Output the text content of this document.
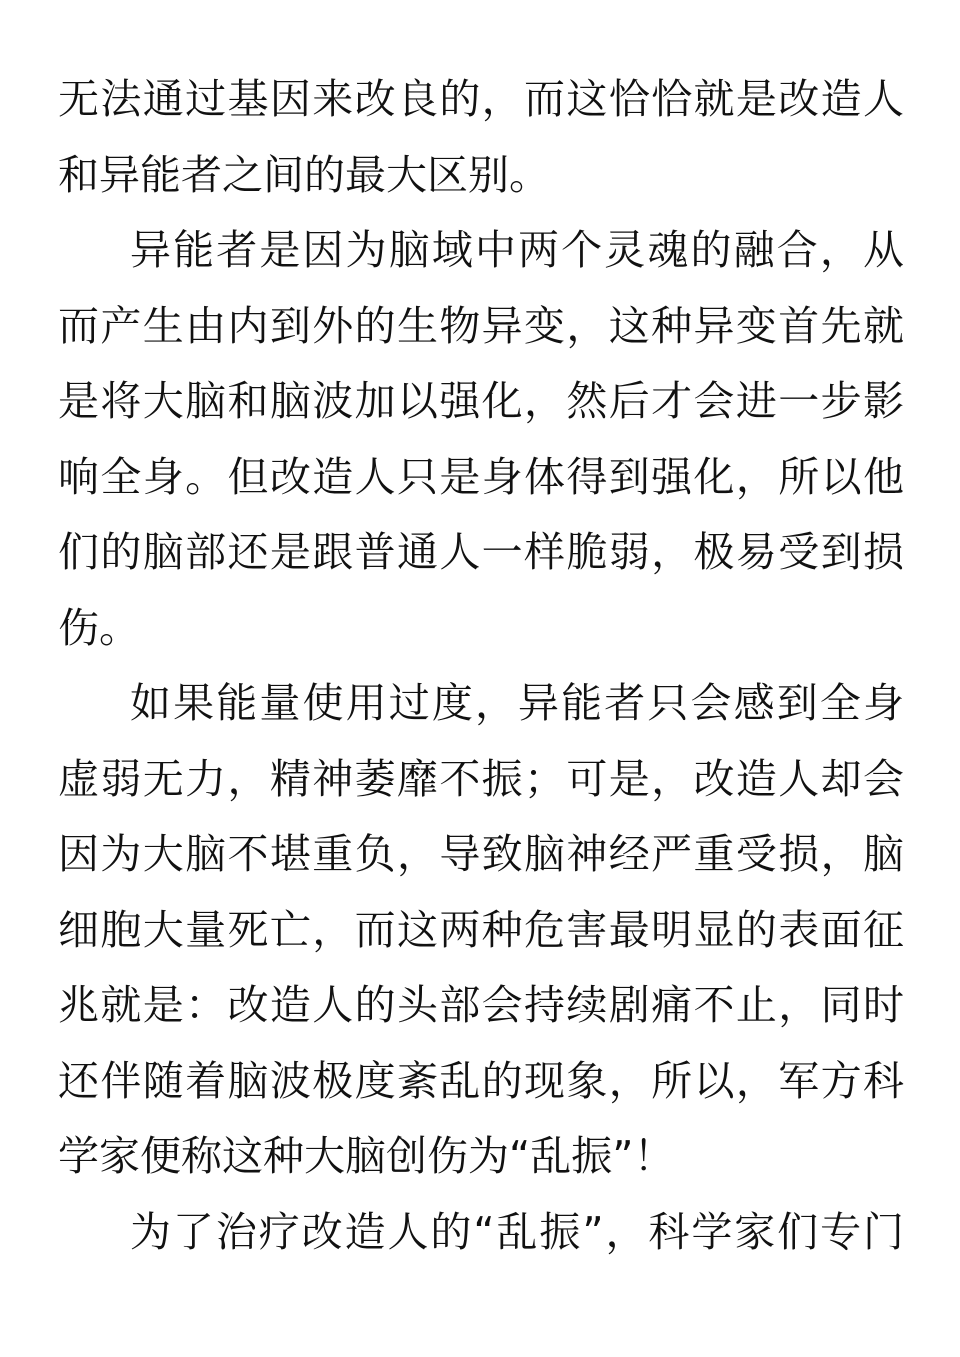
无法通过基因来改良的，而这恰恰就是改造人
和异能者之间的最大区别。
异能者是因为脑域中两个灵魂的融合，从
而产生由内到外的生物异变，这种异变首先就
是将大脑和脑波加以强化，然后才会进一步影
响全身。但改造人只是身体得到强化，所以他
们的脑部还是跟普通人一样脆弱，极易受到损
伤。
如果能量使用过度，异能者只会感到全身
虚弱无力，精神萎靡不振；可是，改造人却会
因为大脑不堪重负，导致脑神经严重受损，脑
细胞大量死亡，而这两种危害最明显的表面征
兆就是：改造人的头部会持续剧痛不止，同时
还伴随着脑波极度紊乱的现象，所以，军方科
学家便称这种大脑创伤为“乱振”！
为了治疗改造人的“乱振”，科学家们专门
